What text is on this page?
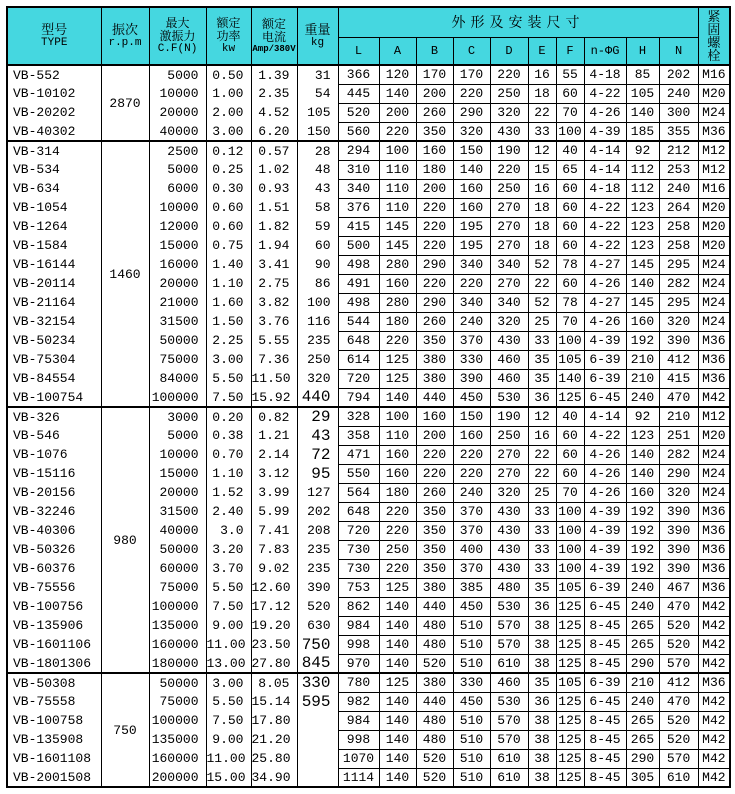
型号
TYPE

振次
r.p.m

最大
激振力
C.F(N)

额定
功率
kw

额定
电流
Amp/380V

重量
kg

外形及安装尺寸	紧
固
螺
栓

						L	A	B	C	D	E	F	n-ΦG	H	N	
VB-552	2870	5000	0.50	1.39	31	366	120	170	170	220	16	55	4-18	85	202	M16
VB-10102		10000	1.00	2.35	54	445	140	200	220	250	18	60	4-22	105	240	M20
VB-20202		20000	2.00	4.52	105	520	200	260	290	320	22	70	4-26	140	300	M24
VB-40302		40000	3.00	6.20	150	560	220	350	320	430	33	100	4-39	185	355	M36
VB-314	1460	2500	0.12	0.57	28	294	100	160	150	190	12	40	4-14	92	212	M12
VB-534		5000	0.25	1.02	48	310	110	180	140	220	15	65	4-14	112	253	M12
VB-634		6000	0.30	0.93	43	340	110	200	160	250	16	60	4-18	112	240	M16
VB-1054		10000	0.60	1.51	58	376	110	220	160	270	18	60	4-22	123	264	M20
VB-1264		12000	0.60	1.82	59	415	145	220	195	270	18	60	4-22	123	258	M20
VB-1584		15000	0.75	1.94	60	500	145	220	195	270	18	60	4-22	123	258	M20
VB-16144		16000	1.40	3.41	90	498	280	290	340	340	52	78	4-27	145	295	M24
VB-20114		20000	1.10	2.75	86	491	160	220	220	270	22	60	4-26	140	282	M24
VB-21164		21000	1.60	3.82	100	498	280	290	340	340	52	78	4-27	145	295	M24
VB-32154		31500	1.50	3.76	116	544	180	260	240	320	25	70	4-26	160	320	M24
VB-50234		50000	2.25	5.55	235	648	220	350	370	430	33	100	4-39	192	390	M36
VB-75304		75000	3.00	7.36	250	614	125	380	330	460	35	105	6-39	210	412	M36
VB-84554		84000	5.50	11.50	320	720	125	380	390	460	35	140	6-39	210	415	M36
VB-100754		100000	7.50	15.92	440	794	140	440	450	530	36	125	6-45	240	470	M42
VB-326	980	3000	0.20	0.82	29	328	100	160	150	190	12	40	4-14	92	210	M12
VB-546		5000	0.38	1.21	43	358	110	200	160	250	16	60	4-22	123	251	M20
VB-1076		10000	0.70	2.14	72	471	160	220	220	270	22	60	4-26	140	282	M24
VB-15116		15000	1.10	3.12	95	550	160	220	220	270	22	60	4-26	140	290	M24
VB-20156		20000	1.52	3.99	127	564	180	260	240	320	25	70	4-26	160	320	M24
VB-32246		31500	2.40	5.99	202	648	220	350	370	430	33	100	4-39	192	390	M36
VB-40306		40000	3.0	7.41	208	720	220	350	370	430	33	100	4-39	192	390	M36
VB-50326		50000	3.20	7.83	235	730	250	350	400	430	33	100	4-39	192	390	M36
VB-60376		60000	3.70	9.02	235	730	220	350	370	430	33	100	4-39	192	390	M36
VB-75556		75000	5.50	12.60	390	753	125	380	385	480	35	105	6-39	240	467	M36
VB-100756		100000	7.50	17.12	520	862	140	440	450	530	36	125	6-45	240	470	M42
VB-135906		135000	9.00	19.20	630	984	140	480	510	570	38	125	8-45	265	520	M42
VB-1601106		160000	11.00	23.50	750	998	140	480	510	570	38	125	8-45	265	520	M42
VB-1801306		180000	13.00	27.80	845	970	140	520	510	610	38	125	8-45	290	570	M42
VB-50308	750	50000	3.00	8.05	330	780	125	380	330	460	35	105	6-39	210	412	M36
VB-75558		75000	5.50	15.14	595	982	140	440	450	530	36	125	6-45	240	470	M42
VB-100758		100000	7.50	17.80		984	140	480	510	570	38	125	8-45	265	520	M42
VB-135908		135000	9.00	21.20		998	140	480	510	570	38	125	8-45	265	520	M42
VB-1601108		160000	11.00	25.80		1070	140	520	510	610	38	125	8-45	290	570	M42
VB-2001508		200000	15.00	34.90		1114	140	520	510	610	38	125	8-45	305	610	M42
